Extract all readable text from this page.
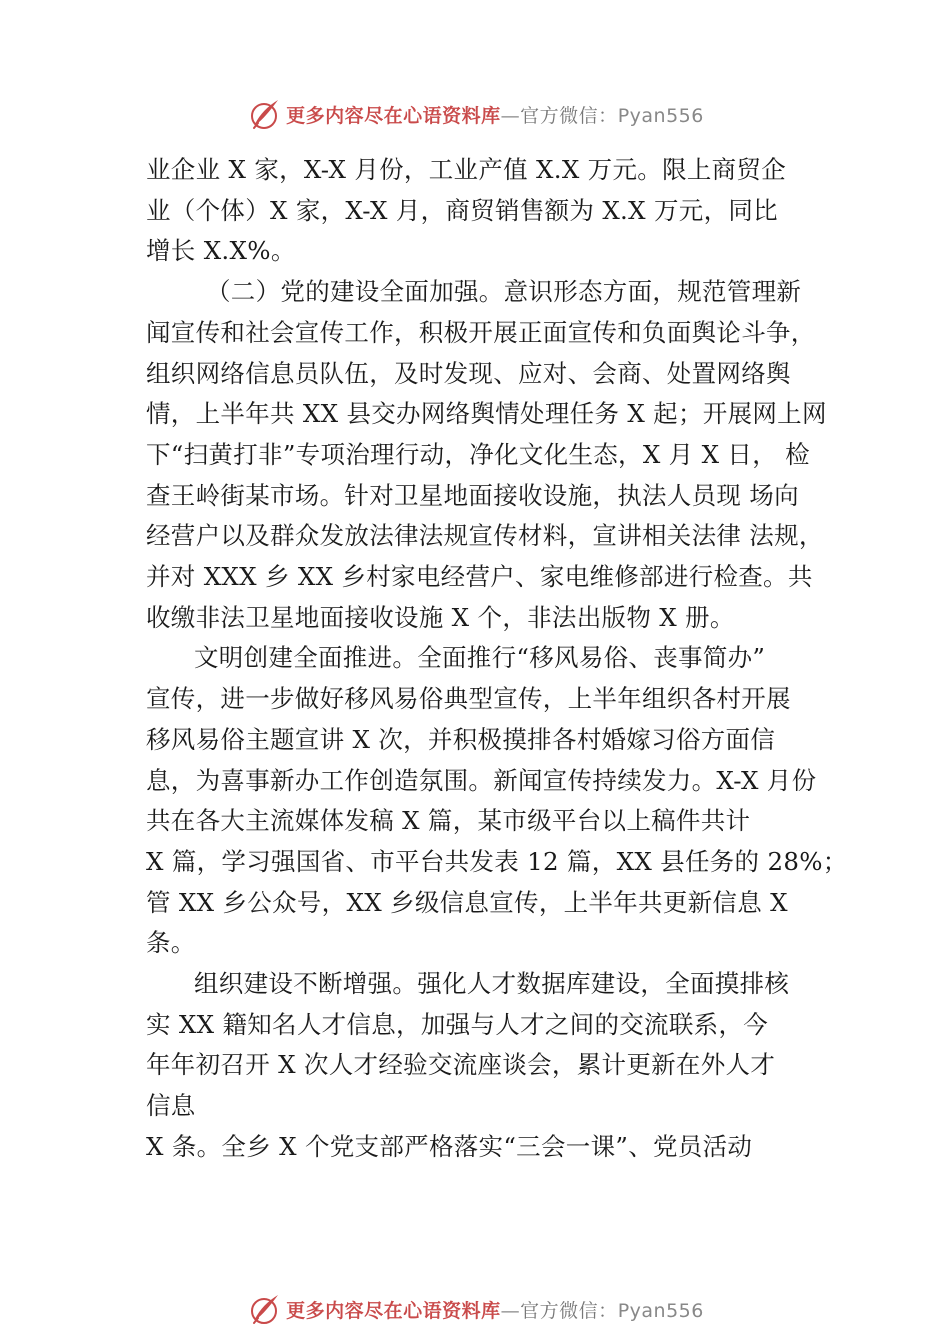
更多内容尽在心语资料库—官方微信：Pyan556
业企业 X 家，X-X 月份，工业产值 X.X 万元。限上商贸企
业（个体）X 家，X-X 月，商贸销售额为 X.X 万元，同比
增长 X.X%。
（二）党的建设全面加强。意识形态方面，规范管理新
闻宣传和社会宣传工作，积极开展正面宣传和负面舆论斗争，
组织网络信息员队伍，及时发现、应对、会商、处置网络舆
情，上半年共 XX 县交办网络舆情处理任务 X 起；开展网上网
下“扫黄打非”专项治理行动，净化文化生态，X 月 X 日， 检
查王岭街某市场。针对卫星地面接收设施，执法人员现 场向
经营户以及群众发放法律法规宣传材料，宣讲相关法律 法规，
并对 XXX 乡 XX 乡村家电经营户、家电维修部进行检查。共
收缴非法卫星地面接收设施 X 个，非法出版物 X 册。
文明创建全面推进。全面推行“移风易俗、丧事简办”
宣传，进一步做好移风易俗典型宣传，上半年组织各村开展
移风易俗主题宣讲 X 次，并积极摸排各村婚嫁习俗方面信
息，为喜事新办工作创造氛围。新闻宣传持续发力。X-X 月份
共在各大主流媒体发稿 X 篇，某市级平台以上稿件共计
X 篇，学习强国省、市平台共发表 12 篇，XX 县任务的 28%；
管 XX 乡公众号，XX 乡级信息宣传，上半年共更新信息 X
条。
组织建设不断增强。强化人才数据库建设，全面摸排核
实 XX 籍知名人才信息，加强与人才之间的交流联系，今
年年初召开 X 次人才经验交流座谈会，累计更新在外人才
信息
X 条。全乡 X 个党支部严格落实“三会一课”、党员活动
更多内容尽在心语资料库—官方微信：Pyan556
